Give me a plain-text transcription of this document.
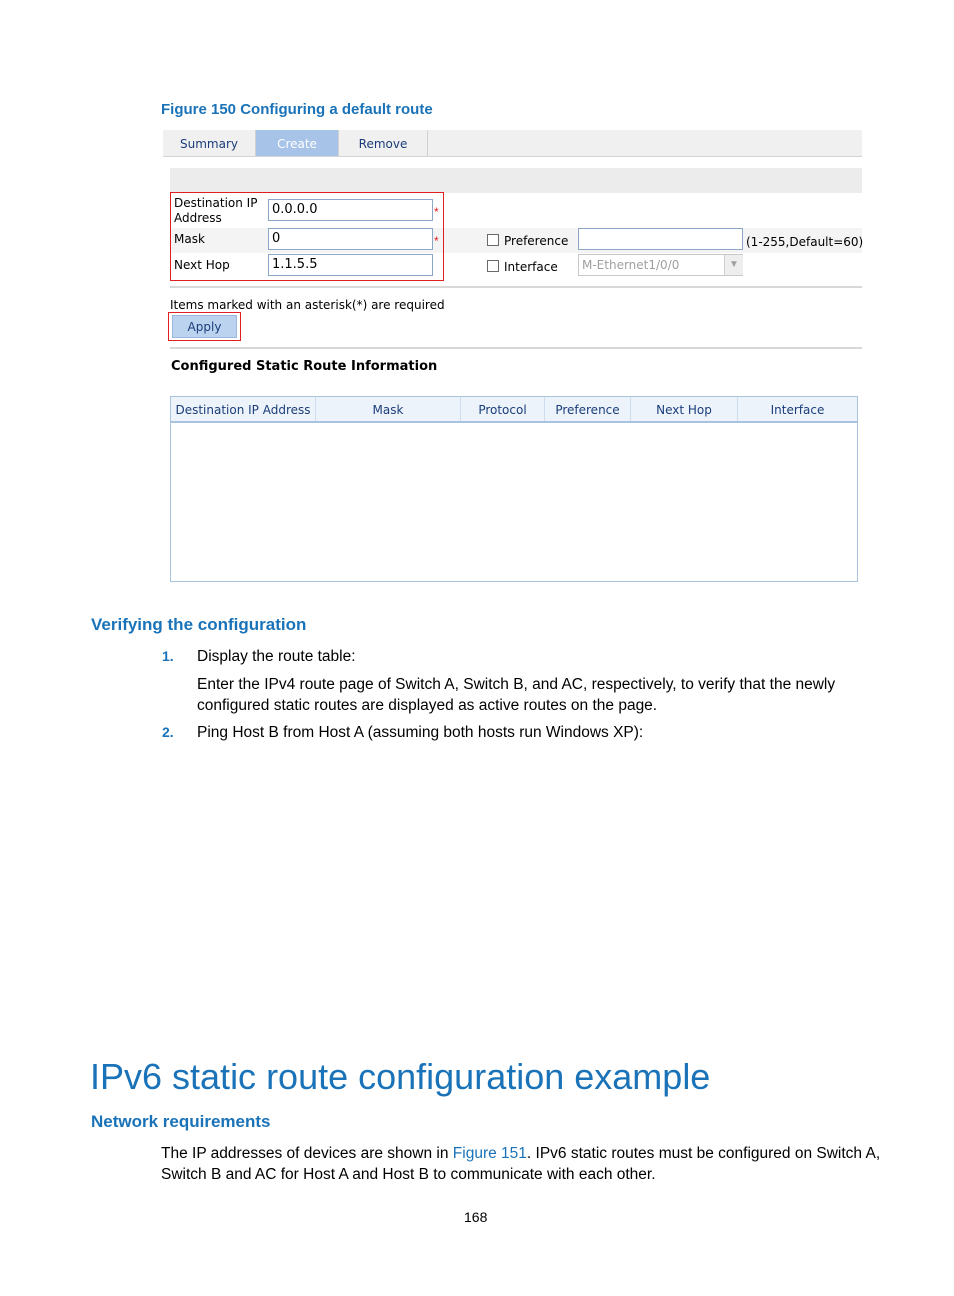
Figure 150 Configuring a default route
Summary	Create	Remove
Destination IP
Address
0.0.0.0	*
Mask	0	*
Next Hop	1.1.5.5
Preference	(1-255,Default=60)
Interface	M-Ethernet1/0/0	▼
Items marked with an asterisk(*) are required
Apply
Configured Static Route Information
Destination IP Address	Mask	Protocol	Preference	Next Hop	Interface
Verifying the configuration
1. Display the route table:
Enter the IPv4 route page of Switch A, Switch B, and AC, respectively, to verify that the newly
configured static routes are displayed as active routes on the page.
2. Ping Host B from Host A (assuming both hosts run Windows XP):
IPv6 static route configuration example
Network requirements
The IP addresses of devices are shown in Figure 151. IPv6 static routes must be configured on Switch A,
Switch B and AC for Host A and Host B to communicate with each other.
168
